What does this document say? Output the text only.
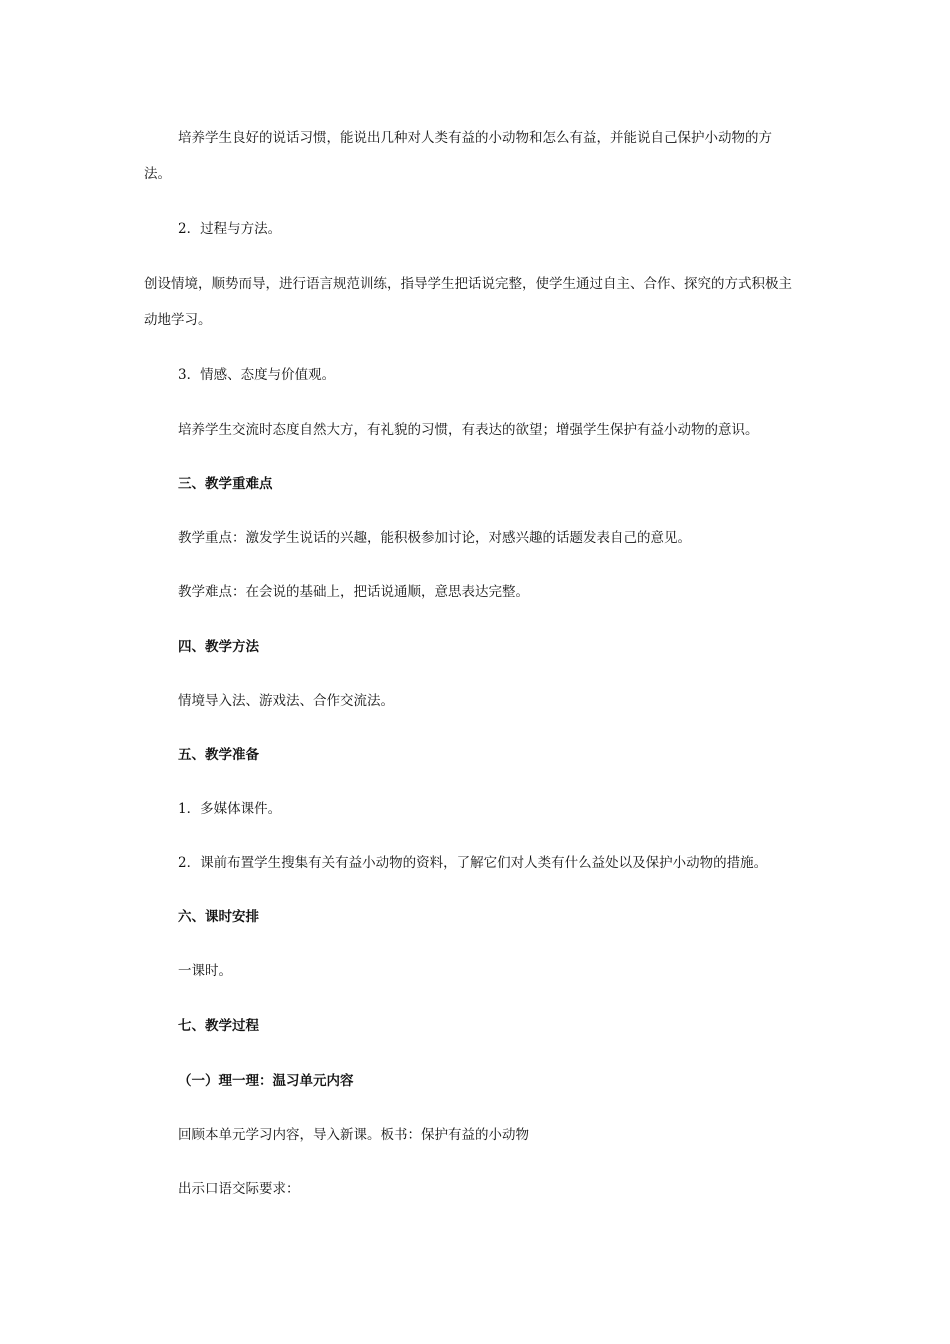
培养学生良好的说话习惯，能说出几种对人类有益的小动物和怎么有益，并能说自己保护小动物的方
法。
2．过程与方法。
创设情境，顺势而导，进行语言规范训练，指导学生把话说完整，使学生通过自主、合作、探究的方式积极主
动地学习。
3．情感、态度与价值观。
培养学生交流时态度自然大方，有礼貌的习惯，有表达的欲望；增强学生保护有益小动物的意识。
三、教学重难点
教学重点：激发学生说话的兴趣，能积极参加讨论，对感兴趣的话题发表自己的意见。
教学难点：在会说的基础上，把话说通顺，意思表达完整。
四、教学方法
情境导入法、游戏法、合作交流法。
五、教学准备
1．多媒体课件。
2．课前布置学生搜集有关有益小动物的资料，了解它们对人类有什么益处以及保护小动物的措施。
六、课时安排
一课时。
七、教学过程
（一）理一理：温习单元内容
回顾本单元学习内容，导入新课。板书：保护有益的小动物
出示口语交际要求：
